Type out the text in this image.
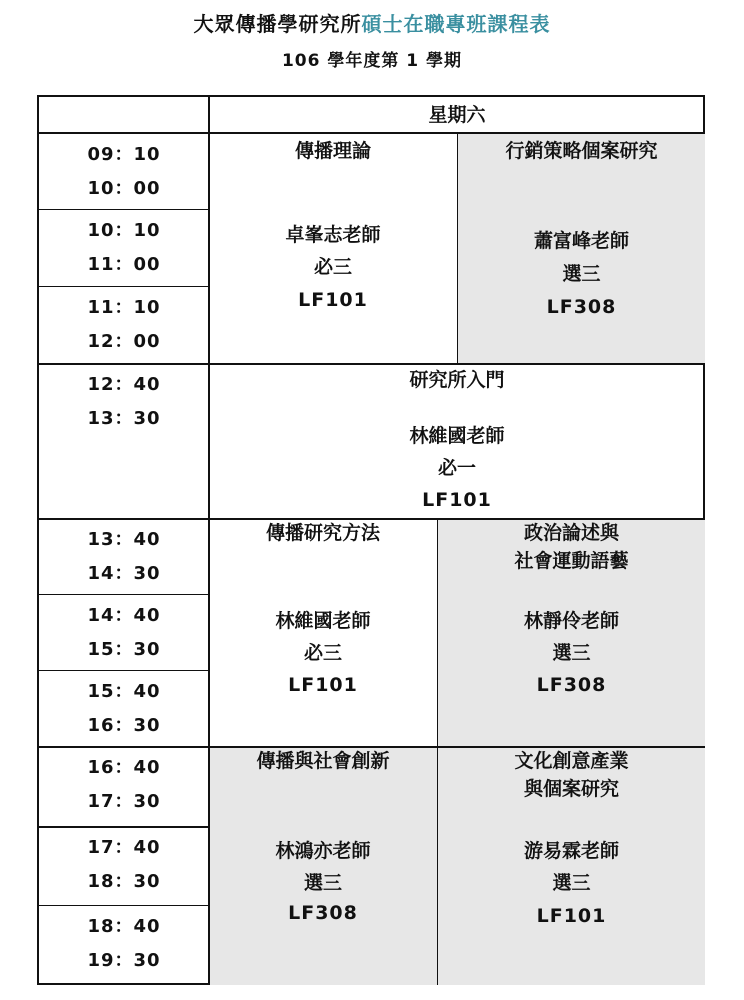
大眾傳播學研究所碩士在職專班課程表
106 學年度第 1 學期
星期六
09：10
10：00
10：10
11：00
11：10
12：00
12：40
13：30
13：40
14：30
14：40
15：30
15：40
16：30
16：40
17：30
17：40
18：30
18：40
19：30
傳播理論
卓峯志老師
必三
LF101
行銷策略個案研究
蕭富峰老師
選三
LF308
研究所入門
林維國老師
必一
LF101
傳播研究方法
林維國老師
必三
LF101
政治論述與
社會運動語藝
林靜伶老師
選三
LF308
傳播與社會創新
林鴻亦老師
選三
LF308
文化創意產業
與個案研究
游易霖老師
選三
LF101
